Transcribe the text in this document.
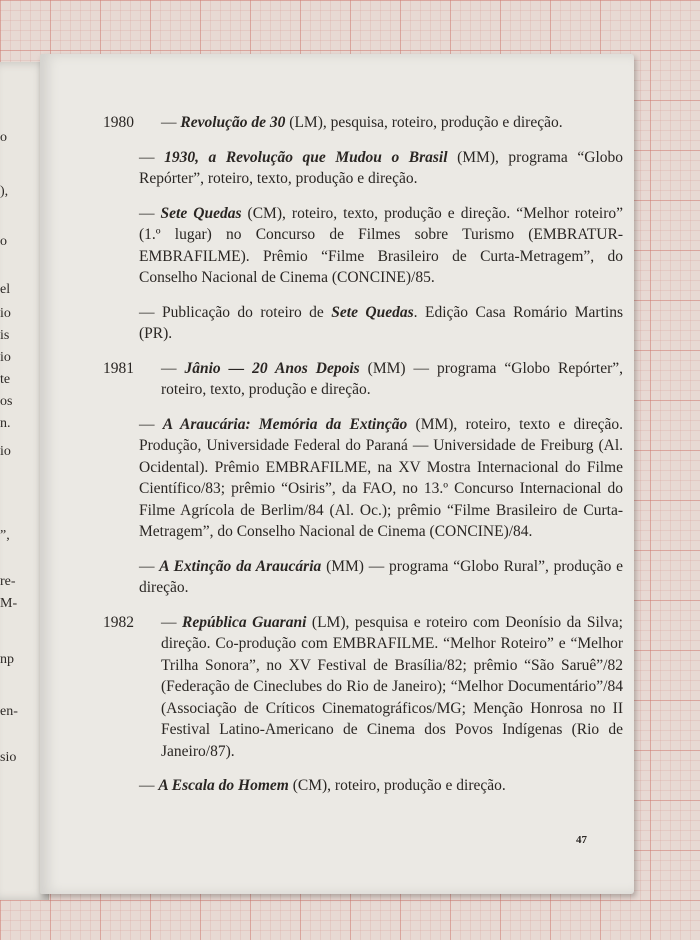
o
),
o
el
io
is
io
te
os
n.
io
”,
re-
M-
np
en-
sio
1980 — Revolução de 30 (LM), pesquisa, roteiro, produção e direção.
— 1930, a Revolução que Mudou o Brasil (MM), programa “Globo Repórter”, roteiro, texto, produção e direção.
— Sete Quedas (CM), roteiro, texto, produção e direção. “Melhor roteiro” (1.º lugar) no Concurso de Filmes sobre Turismo (EMBRATUR-EMBRAFILME). Prêmio “Filme Brasileiro de Curta-Metragem”, do Conselho Nacional de Cinema (CONCINE)/85.
— Publicação do roteiro de Sete Quedas. Edição Casa Romário Martins (PR).
1981 — Jânio — 20 Anos Depois (MM) — programa “Globo Repórter”, roteiro, texto, produção e direção.
— A Araucária: Memória da Extinção (MM), roteiro, texto e direção. Produção, Universidade Federal do Paraná — Universidade de Freiburg (Al. Ocidental). Prêmio EMBRAFILME, na XV Mostra Internacional do Filme Científico/83; prêmio “Osiris”, da FAO, no 13.º Concurso Internacional do Filme Agrícola de Berlim/84 (Al. Oc.); prêmio “Filme Brasileiro de Curta-Metragem”, do Conselho Nacional de Cinema (CONCINE)/84.
— A Extinção da Araucária (MM) — programa “Globo Rural”, produção e direção.
1982 — República Guarani (LM), pesquisa e roteiro com Deonísio da Silva; direção. Co-produção com EMBRAFILME. “Melhor Roteiro” e “Melhor Trilha Sonora”, no XV Festival de Brasília/82; prêmio “São Saruê”/82 (Federação de Cineclubes do Rio de Janeiro); “Melhor Documentário”/84 (Associação de Críticos Cinematográficos/MG; Menção Honrosa no II Festival Latino-Americano de Cinema dos Povos Indígenas (Rio de Janeiro/87).
— A Escala do Homem (CM), roteiro, produção e direção.
47
